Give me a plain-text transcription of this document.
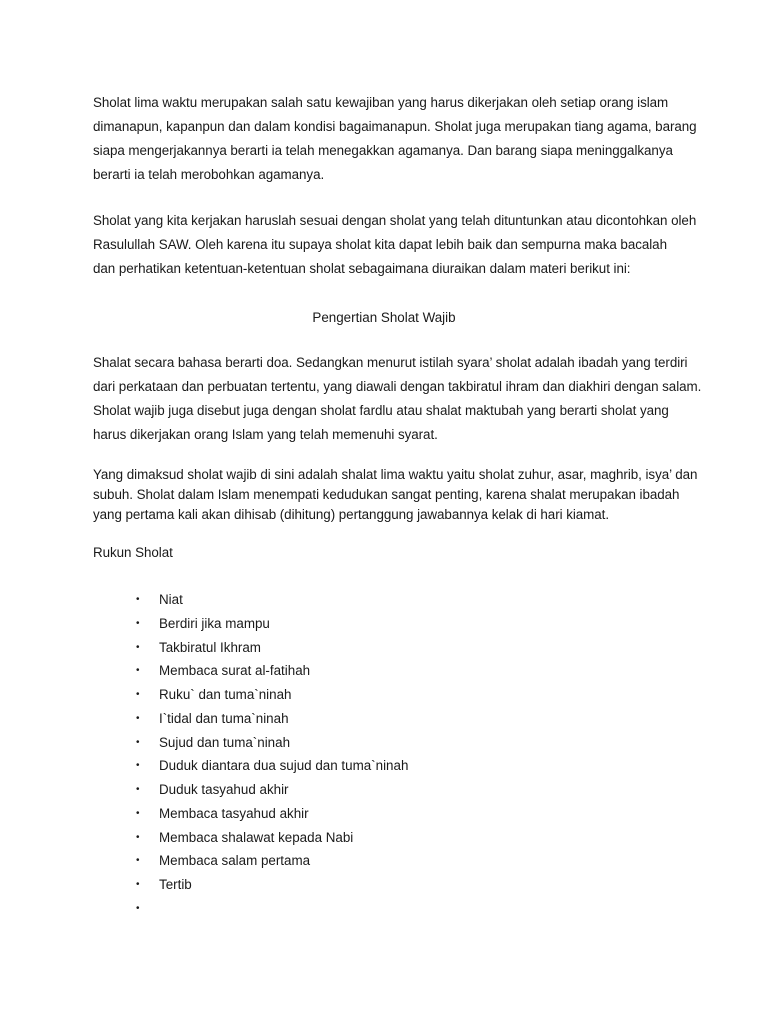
Sholat lima waktu merupakan salah satu kewajiban yang harus dikerjakan oleh setiap orang islam
dimanapun, kapanpun dan dalam kondisi bagaimanapun. Sholat juga merupakan tiang agama, barang
siapa mengerjakannya berarti ia telah menegakkan agamanya. Dan barang siapa meninggalkanya
berarti ia telah merobohkan agamanya.
Sholat yang kita kerjakan haruslah sesuai dengan sholat yang telah dituntunkan atau dicontohkan oleh
Rasulullah SAW. Oleh karena itu supaya sholat kita dapat lebih baik dan sempurna maka bacalah
dan perhatikan ketentuan-ketentuan sholat sebagaimana diuraikan dalam materi berikut ini:
Pengertian Sholat Wajib
Shalat secara bahasa berarti doa. Sedangkan menurut istilah syara’ sholat adalah ibadah yang terdiri
dari perkataan dan perbuatan tertentu, yang diawali dengan takbiratul ihram dan diakhiri dengan salam.
Sholat wajib juga disebut juga dengan sholat fardlu atau shalat maktubah yang berarti sholat yang
harus dikerjakan orang Islam yang telah memenuhi syarat.
Yang dimaksud sholat wajib di sini adalah shalat lima waktu yaitu sholat zuhur, asar, maghrib, isya’ dan
subuh. Sholat dalam Islam menempati kedudukan sangat penting, karena shalat merupakan ibadah
yang pertama kali akan dihisab (dihitung) pertanggung jawabannya kelak di hari kiamat.
Rukun Sholat
• Niat
• Berdiri jika mampu
• Takbiratul Ikhram
• Membaca surat al-fatihah
• Ruku` dan tuma`ninah
• I`tidal dan tuma`ninah
• Sujud dan tuma`ninah
• Duduk diantara dua sujud dan tuma`ninah
• Duduk tasyahud akhir
• Membaca tasyahud akhir
• Membaca shalawat kepada Nabi
• Membaca salam pertama
• Tertib
•
